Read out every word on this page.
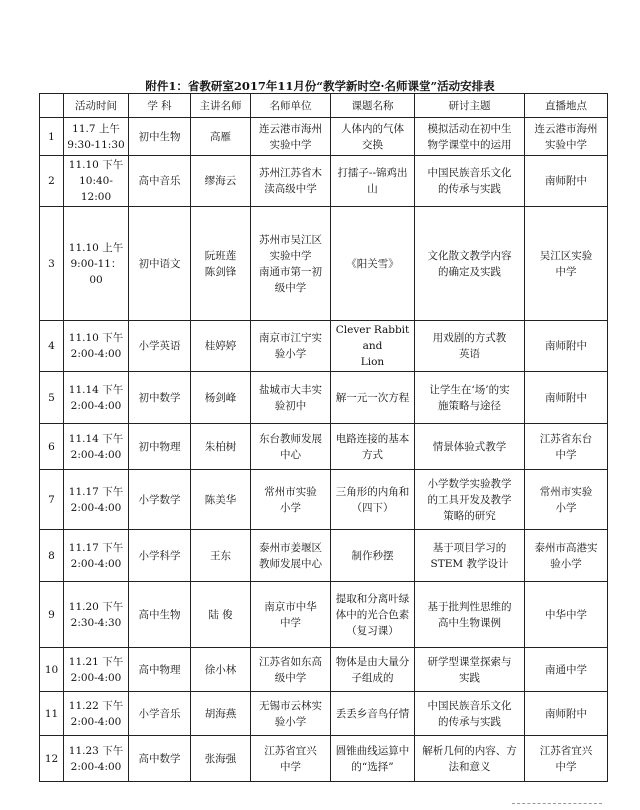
附件1：省教研室2017年11月份“教学新时空·名师课堂”活动安排表
	活动时间	学 科	主讲名师	名师单位	课题名称	研讨主题	直播地点

1	11.7 上午
9:30-11:30	初中生物	高雁	连云港市海州
实验中学	人体内的气体
交换	模拟活动在初中生
物学课堂中的运用	连云港市海州
实验中学

2	11.10 下午
10:40-12:00	高中音乐	缪海云	苏州江苏省木
渎高级中学	打擂子--锦鸡出山	中国民族音乐文化
的传承与实践	南师附中

3	11.10 上午
9:00-11：00	初中语文	阮班莲
陈剑锋	苏州市吴江区
实验中学
南通市第一初
级中学	《阳关雪》	文化散文教学内容
的确定及实践	吴江区实验
中学

4	11.10 下午
2:00-4:00	小学英语	桂婷婷	南京市江宁实
验小学	Clever Rabbit and
Lion	用戏剧的方式教
英语	南师附中

5	11.14 下午
2:00-4:00	初中数学	杨剑峰	盐城市大丰实
验初中	解一元一次方程	让学生在‘场’的实
施策略与途径	南师附中

6	11.14 下午
2:00-4:00	初中物理	朱柏树	东台教师发展
中心	电路连接的基本
方式	情景体验式教学	江苏省东台
中学

7	11.17 下午
2:00-4:00	小学数学	陈美华	常州市实验
小学	三角形的内角和
（四下）	小学数学实验教学
的工具开发及教学
策略的研究	常州市实验
小学

8	11.17 下午
2:00-4:00	小学科学	王东	泰州市姜堰区
教师发展中心	制作秒摆	基于项目学习的
STEM 教学设计	泰州市高港实
验小学

9	11.20 下午
2:30-4:30	高中生物	陆 俊	南京市中华
中学	提取和分离叶绿
体中的光合色素
（复习课）	基于批判性思维的
高中生物课例	中华中学

10	11.21 下午
2:00-4:00	高中物理	徐小林	江苏省如东高
级中学	物体是由大量分
子组成的	研学型课堂探索与
实践	南通中学

11	11.22 下午
2:00-4:00	小学音乐	胡海燕	无锡市云林实
验小学	丢丢乡音鸟仔情	中国民族音乐文化
的传承与实践	南师附中

12	11.23 下午
2:00-4:00	高中数学	张海强	江苏省宜兴
中学	圆锥曲线运算中
的“选择”	解析几何的内容、方
法和意义	江苏省宜兴
中学
